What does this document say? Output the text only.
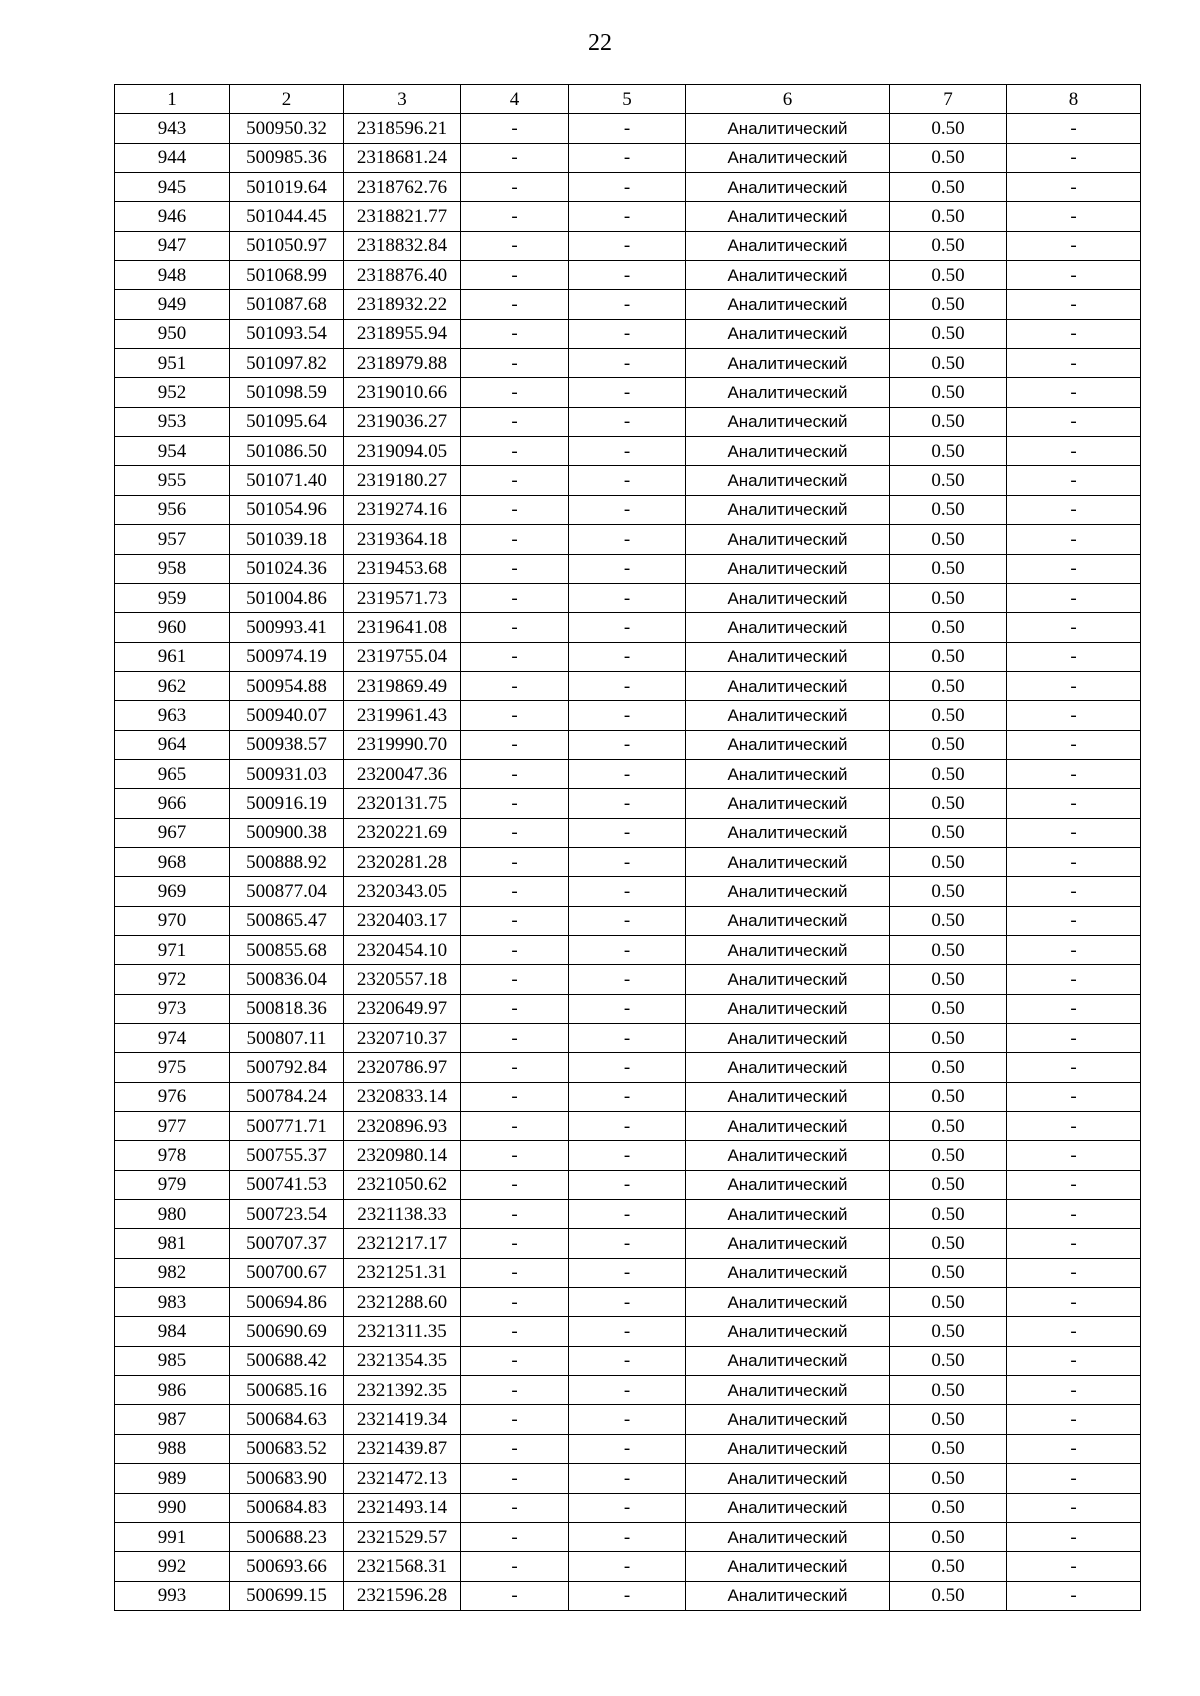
22
1	2	3	4	5	6	7	8
943	500950.32	2318596.21	-	-	Аналитический	0.50	-
944	500985.36	2318681.24	-	-	Аналитический	0.50	-
945	501019.64	2318762.76	-	-	Аналитический	0.50	-
946	501044.45	2318821.77	-	-	Аналитический	0.50	-
947	501050.97	2318832.84	-	-	Аналитический	0.50	-
948	501068.99	2318876.40	-	-	Аналитический	0.50	-
949	501087.68	2318932.22	-	-	Аналитический	0.50	-
950	501093.54	2318955.94	-	-	Аналитический	0.50	-
951	501097.82	2318979.88	-	-	Аналитический	0.50	-
952	501098.59	2319010.66	-	-	Аналитический	0.50	-
953	501095.64	2319036.27	-	-	Аналитический	0.50	-
954	501086.50	2319094.05	-	-	Аналитический	0.50	-
955	501071.40	2319180.27	-	-	Аналитический	0.50	-
956	501054.96	2319274.16	-	-	Аналитический	0.50	-
957	501039.18	2319364.18	-	-	Аналитический	0.50	-
958	501024.36	2319453.68	-	-	Аналитический	0.50	-
959	501004.86	2319571.73	-	-	Аналитический	0.50	-
960	500993.41	2319641.08	-	-	Аналитический	0.50	-
961	500974.19	2319755.04	-	-	Аналитический	0.50	-
962	500954.88	2319869.49	-	-	Аналитический	0.50	-
963	500940.07	2319961.43	-	-	Аналитический	0.50	-
964	500938.57	2319990.70	-	-	Аналитический	0.50	-
965	500931.03	2320047.36	-	-	Аналитический	0.50	-
966	500916.19	2320131.75	-	-	Аналитический	0.50	-
967	500900.38	2320221.69	-	-	Аналитический	0.50	-
968	500888.92	2320281.28	-	-	Аналитический	0.50	-
969	500877.04	2320343.05	-	-	Аналитический	0.50	-
970	500865.47	2320403.17	-	-	Аналитический	0.50	-
971	500855.68	2320454.10	-	-	Аналитический	0.50	-
972	500836.04	2320557.18	-	-	Аналитический	0.50	-
973	500818.36	2320649.97	-	-	Аналитический	0.50	-
974	500807.11	2320710.37	-	-	Аналитический	0.50	-
975	500792.84	2320786.97	-	-	Аналитический	0.50	-
976	500784.24	2320833.14	-	-	Аналитический	0.50	-
977	500771.71	2320896.93	-	-	Аналитический	0.50	-
978	500755.37	2320980.14	-	-	Аналитический	0.50	-
979	500741.53	2321050.62	-	-	Аналитический	0.50	-
980	500723.54	2321138.33	-	-	Аналитический	0.50	-
981	500707.37	2321217.17	-	-	Аналитический	0.50	-
982	500700.67	2321251.31	-	-	Аналитический	0.50	-
983	500694.86	2321288.60	-	-	Аналитический	0.50	-
984	500690.69	2321311.35	-	-	Аналитический	0.50	-
985	500688.42	2321354.35	-	-	Аналитический	0.50	-
986	500685.16	2321392.35	-	-	Аналитический	0.50	-
987	500684.63	2321419.34	-	-	Аналитический	0.50	-
988	500683.52	2321439.87	-	-	Аналитический	0.50	-
989	500683.90	2321472.13	-	-	Аналитический	0.50	-
990	500684.83	2321493.14	-	-	Аналитический	0.50	-
991	500688.23	2321529.57	-	-	Аналитический	0.50	-
992	500693.66	2321568.31	-	-	Аналитический	0.50	-
993	500699.15	2321596.28	-	-	Аналитический	0.50	-
